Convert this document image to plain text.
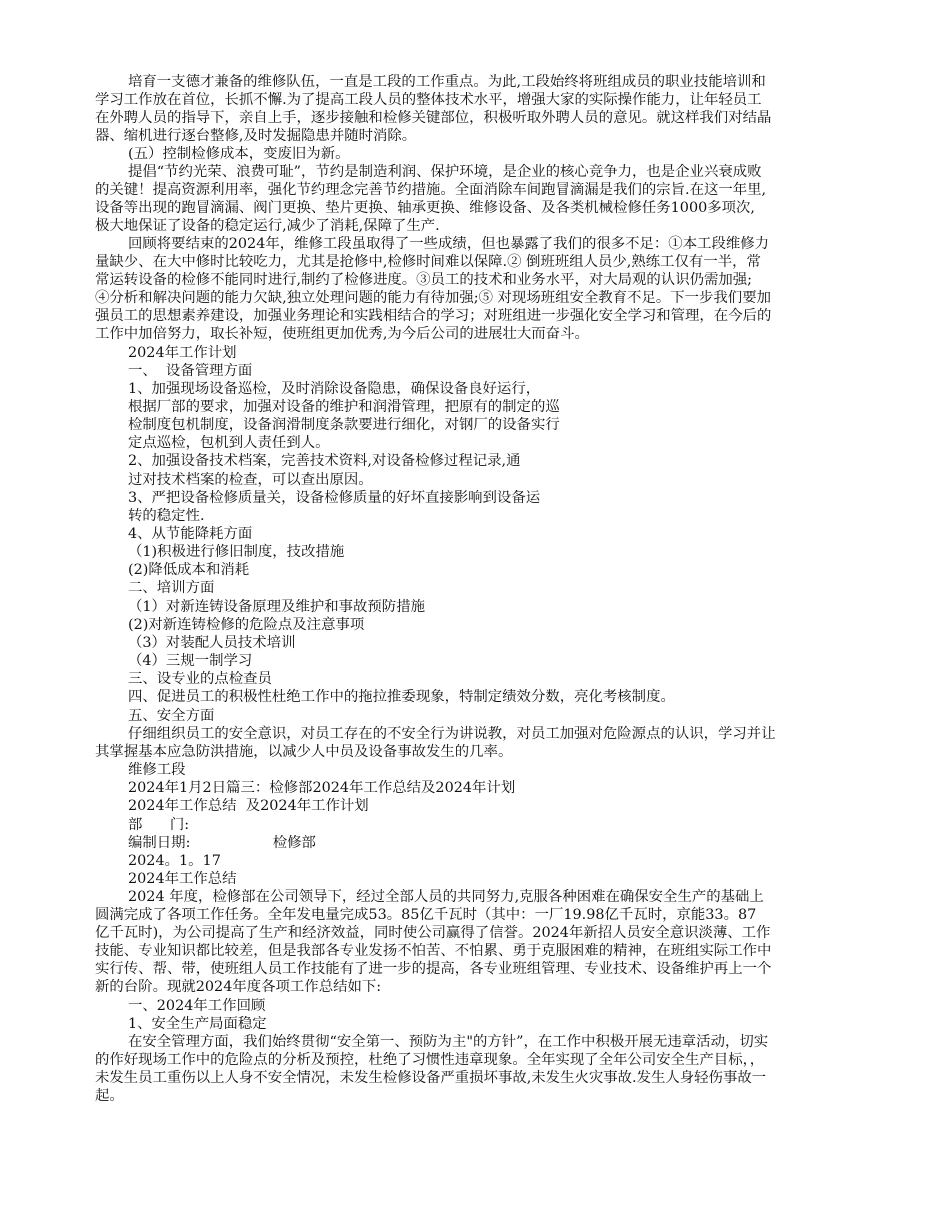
培育一支德才兼备的维修队伍，一直是工段的工作重点。为此,工段始终将班组成员的职业技能培训和
学习工作放在首位，长抓不懈.为了提高工段人员的整体技术水平，增强大家的实际操作能力，让年轻员工
在外聘人员的指导下，亲自上手，逐步接触和检修关键部位，积极听取外聘人员的意见。就这样我们对结晶
器、缩机进行逐台整修,及时发掘隐患并随时消除。
(五）控制检修成本，变废旧为新。
提倡“节约光荣、浪费可耻”，节约是制造利润、保护环境，是企业的核心竞争力，也是企业兴衰成败
的关键！提高资源利用率，强化节约理念完善节约措施。全面消除车间跑冒滴漏是我们的宗旨.在这一年里,
设备等出现的跑冒滴漏、阀门更换、垫片更换、轴承更换、维修设备、及各类机械检修任务1000多项次,
极大地保证了设备的稳定运行,减少了消耗,保障了生产.
回顾将要结束的2024年，维修工段虽取得了一些成绩，但也暴露了我们的很多不足：①本工段维修力
量缺少、在大中修时比较吃力，尤其是抢修中,检修时间难以保障.② 倒班班组人员少,熟练工仅有一半，常
常运转设备的检修不能同时进行,制约了检修进度。③员工的技术和业务水平，对大局观的认识仍需加强;
④分析和解决问题的能力欠缺,独立处理问题的能力有待加强;⑤ 对现场班组安全教育不足。下一步我们要加
强员工的思想素养建设，加强业务理论和实践相结合的学习；对班组进一步强化安全学习和管理，在今后的
工作中加倍努力，取长补短，使班组更加优秀,为今后公司的进展壮大而奋斗。
2024年工作计划
一、  设备管理方面
1、加强现场设备巡检，及时消除设备隐患，确保设备良好运行，
根据厂部的要求，加强对设备的维护和润滑管理，把原有的制定的巡
检制度包机制度，设备润滑制度条款要进行细化，对钢厂的设备实行
定点巡检，包机到人责任到人。
2、加强设备技术档案，完善技术资料,对设备检修过程记录,通
过对技术档案的检查，可以查出原因。
3、严把设备检修质量关，设备检修质量的好坏直接影响到设备运
转的稳定性.
4、从节能降耗方面
（1)积极进行修旧制度，技改措施
(2)降低成本和消耗
二、培训方面
（1）对新连铸设备原理及维护和事故预防措施
(2)对新连铸检修的危险点及注意事项
（3）对装配人员技术培训
（4）三规一制学习
三、设专业的点检查员
四、促进员工的积极性杜绝工作中的拖拉推委现象，特制定绩效分数，亮化考核制度。
五、安全方面
仔细组织员工的安全意识，对员工存在的不安全行为讲说教，对员工加强对危险源点的认识，学习并让
其掌握基本应急防洪措施，以减少人中员及设备事故发生的几率。
维修工段
2024年1月2日篇三：检修部2024年工作总结及2024年计划
2024年工作总结  及2024年工作计划
部      门:
编制日期:                  检修部
2024。1。17
2024年工作总结
2024 年度，检修部在公司领导下，经过全部人员的共同努力,克服各种困难在确保安全生产的基础上
圆满完成了各项工作任务。全年发电量完成53。85亿千瓦时（其中：一厂19.98亿千瓦时，京能33。87
亿千瓦时)，为公司提高了生产和经济效益，同时使公司赢得了信誉。2024年新招人员安全意识淡薄、工作
技能、专业知识都比较差，但是我部各专业发扬不怕苦、不怕累、勇于克服困难的精神，在班组实际工作中
实行传、帮、带，使班组人员工作技能有了进一步的提高，各专业班组管理、专业技术、设备维护再上一个
新的台阶。现就2024年度各项工作总结如下:
一、2024年工作回顾
1、安全生产局面稳定
在安全管理方面，我们始终贯彻“安全第一、预防为主"的方针”，在工作中积极开展无违章活动，切实
的作好现场工作中的危险点的分析及预控，杜绝了习惯性违章现象。全年实现了全年公司安全生产目标，，
未发生员工重伤以上人身不安全情况，未发生检修设备严重损坏事故,未发生火灾事故.发生人身轻伤事故一
起。
